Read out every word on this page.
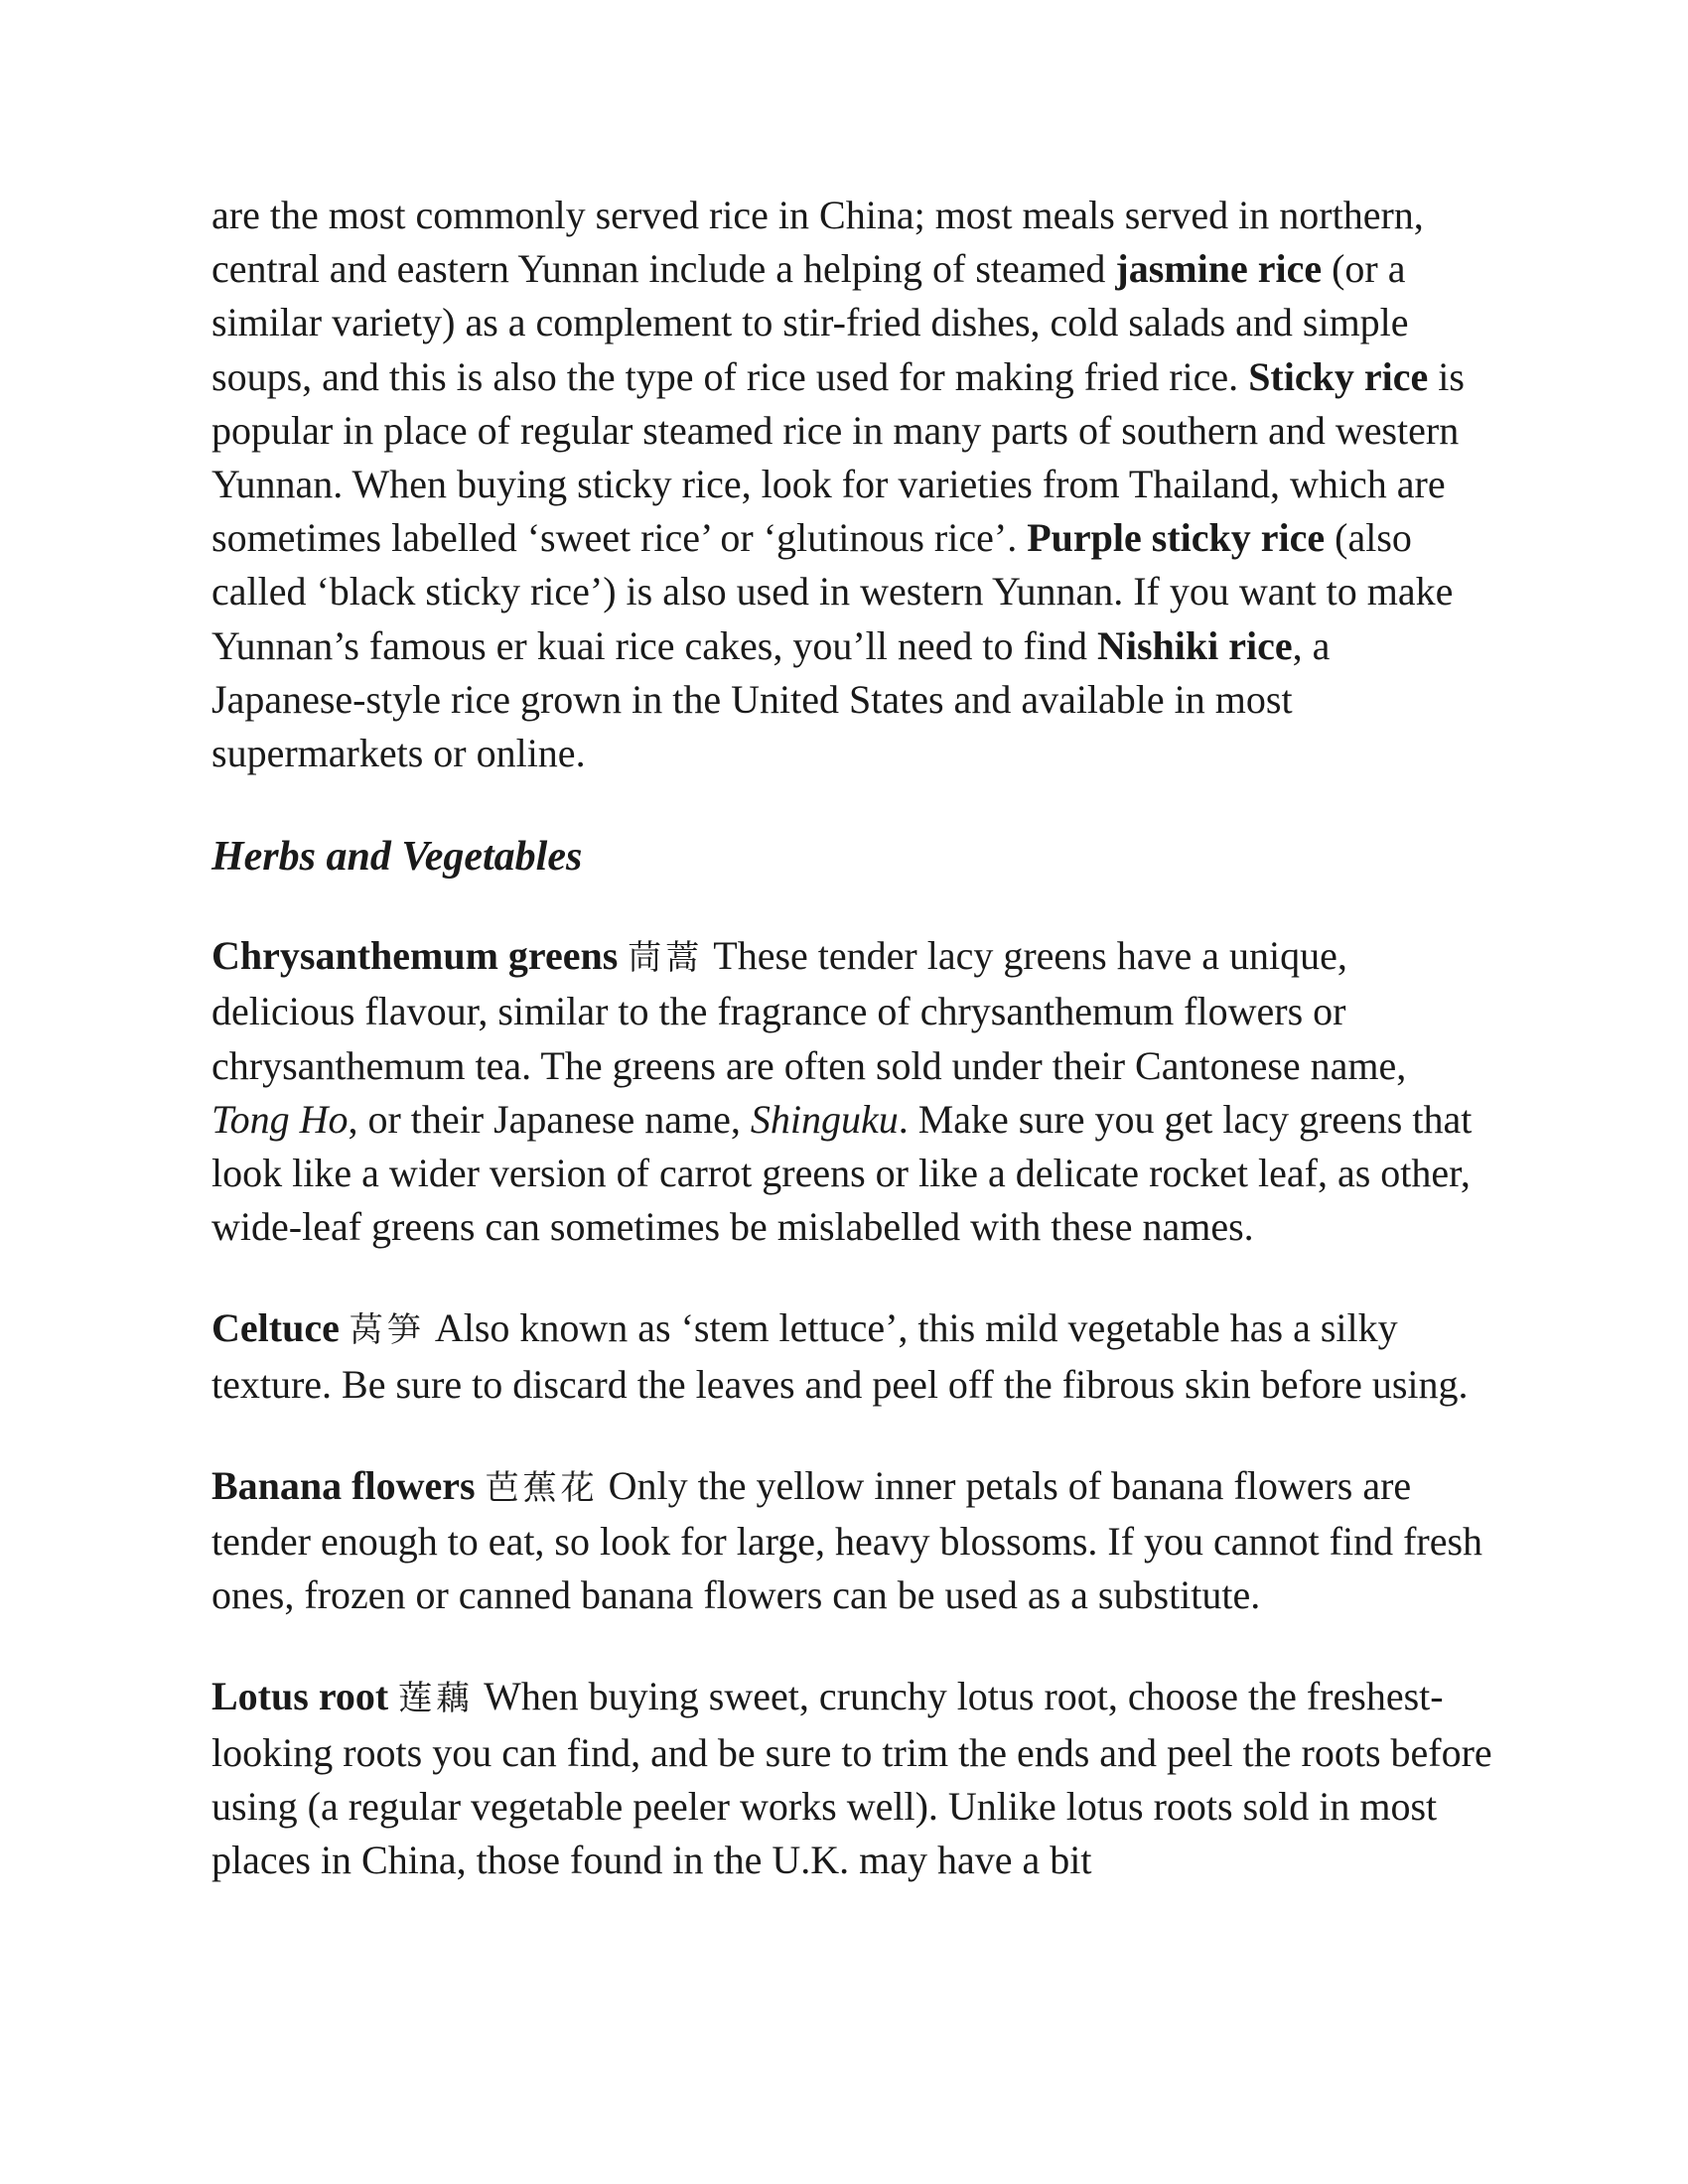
are the most commonly served rice in China; most meals served in northern, central and eastern Yunnan include a helping of steamed jasmine rice (or a similar variety) as a complement to stir-fried dishes, cold salads and simple soups, and this is also the type of rice used for making fried rice. Sticky rice is popular in place of regular steamed rice in many parts of southern and western Yunnan. When buying sticky rice, look for varieties from Thailand, which are sometimes labelled ‘sweet rice’ or ‘glutinous rice’. Purple sticky rice (also called ‘black sticky rice’) is also used in western Yunnan. If you want to make Yunnan’s famous er kuai rice cakes, you’ll need to find Nishiki rice, a Japanese-style rice grown in the United States and available in most supermarkets or online.

Herbs and Vegetables

Chrysanthemum greens 茼蒿 These tender lacy greens have a unique, delicious flavour, similar to the fragrance of chrysanthemum flowers or chrysanthemum tea. The greens are often sold under their Cantonese name, Tong Ho, or their Japanese name, Shinguku. Make sure you get lacy greens that look like a wider version of carrot greens or like a delicate rocket leaf, as other, wide-leaf greens can sometimes be mislabelled with these names.

Celtuce 莴笋 Also known as ‘stem lettuce’, this mild vegetable has a silky texture. Be sure to discard the leaves and peel off the fibrous skin before using.

Banana flowers 芭蕉花 Only the yellow inner petals of banana flowers are tender enough to eat, so look for large, heavy blossoms. If you cannot find fresh ones, frozen or canned banana flowers can be used as a substitute.

Lotus root 莲藕 When buying sweet, crunchy lotus root, choose the freshest-looking roots you can find, and be sure to trim the ends and peel the roots before using (a regular vegetable peeler works well). Unlike lotus roots sold in most places in China, those found in the U.K. may have a bit
